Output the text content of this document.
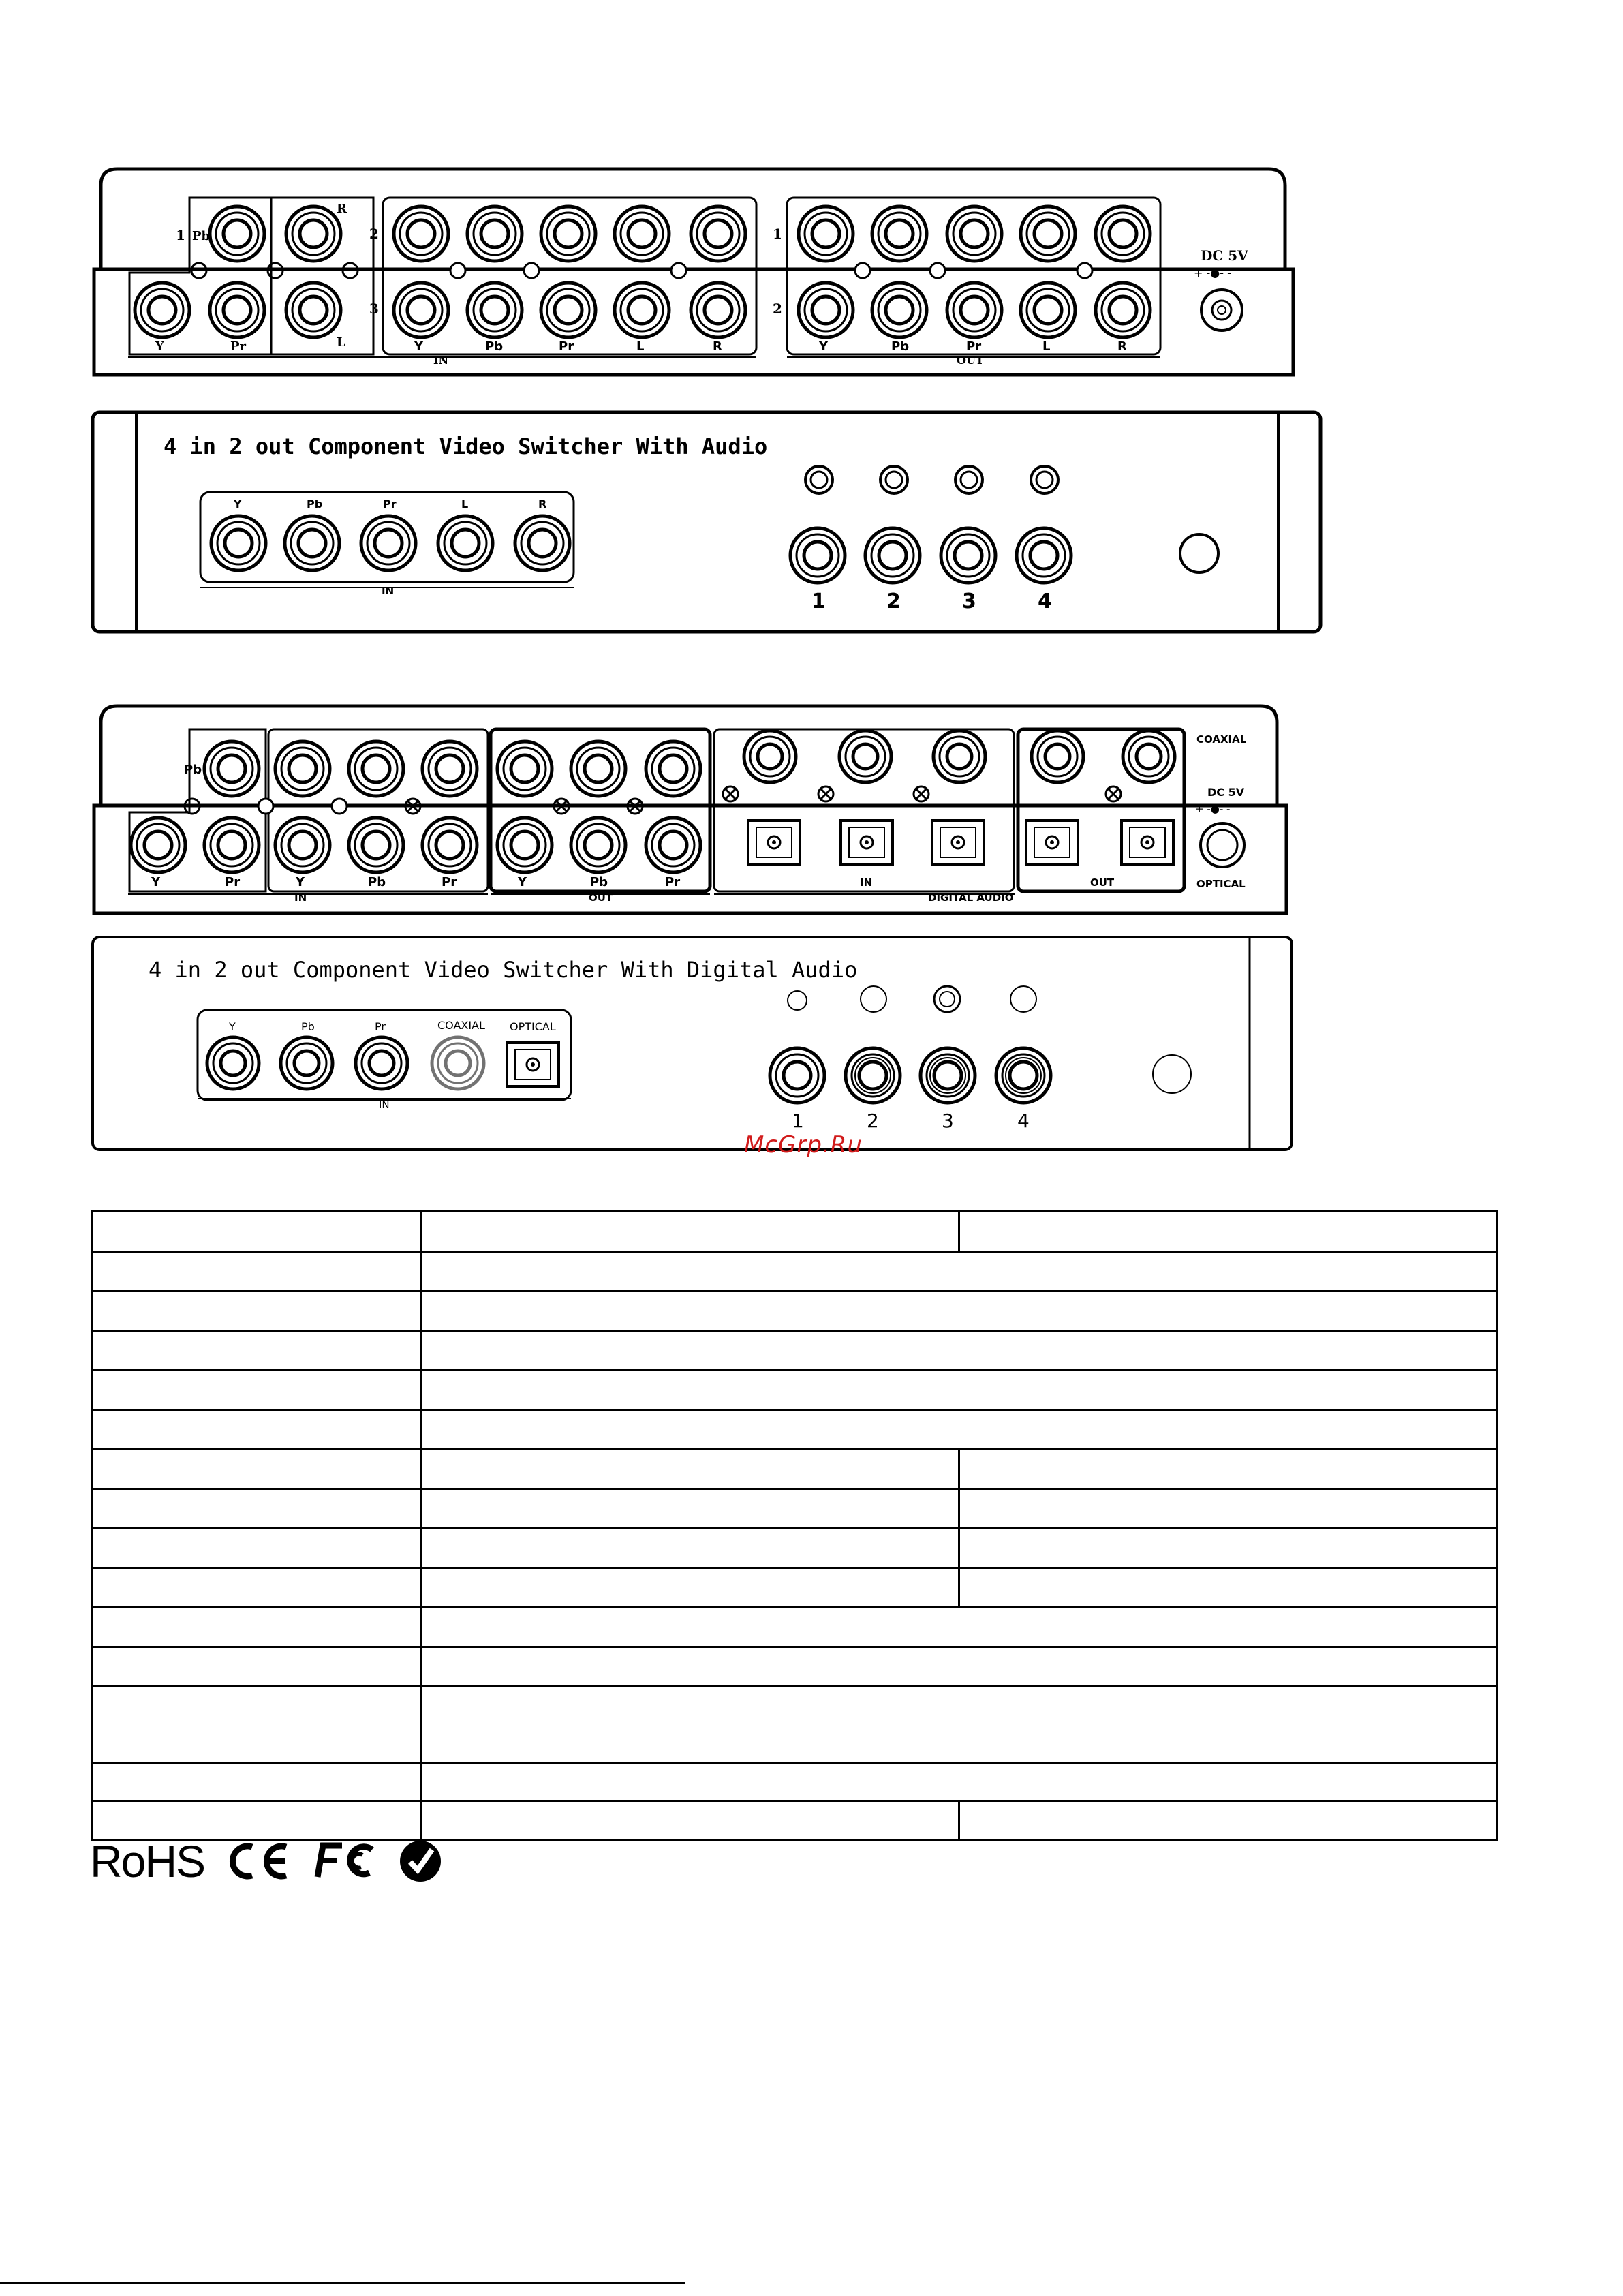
1 Pb
R
Y	Pr	L
2
3
Y	Pb	Pr	L	R
IN
1
2
Y	Pb	Pr	L	R
OUT
DC 5V
+ -●- -
4 in 2 out Component Video Switcher With Audio
Y	Pb	Pr	L	R
IN	1	2	3	4
Pb
Y	Pr	Y	Pb	Pr
IN
Y	Pb	Pr
OUT
IN
DIGITAL AUDIO
OUT
COAXIAL
DC 5V
+ -●- -
OPTICAL
4 in 2 out Component Video Switcher With Digital Audio
Y	Pb	Pr	COAXIAL OPTICAL
IN
1	2	3	4
McGrp.Ru

RoHS
